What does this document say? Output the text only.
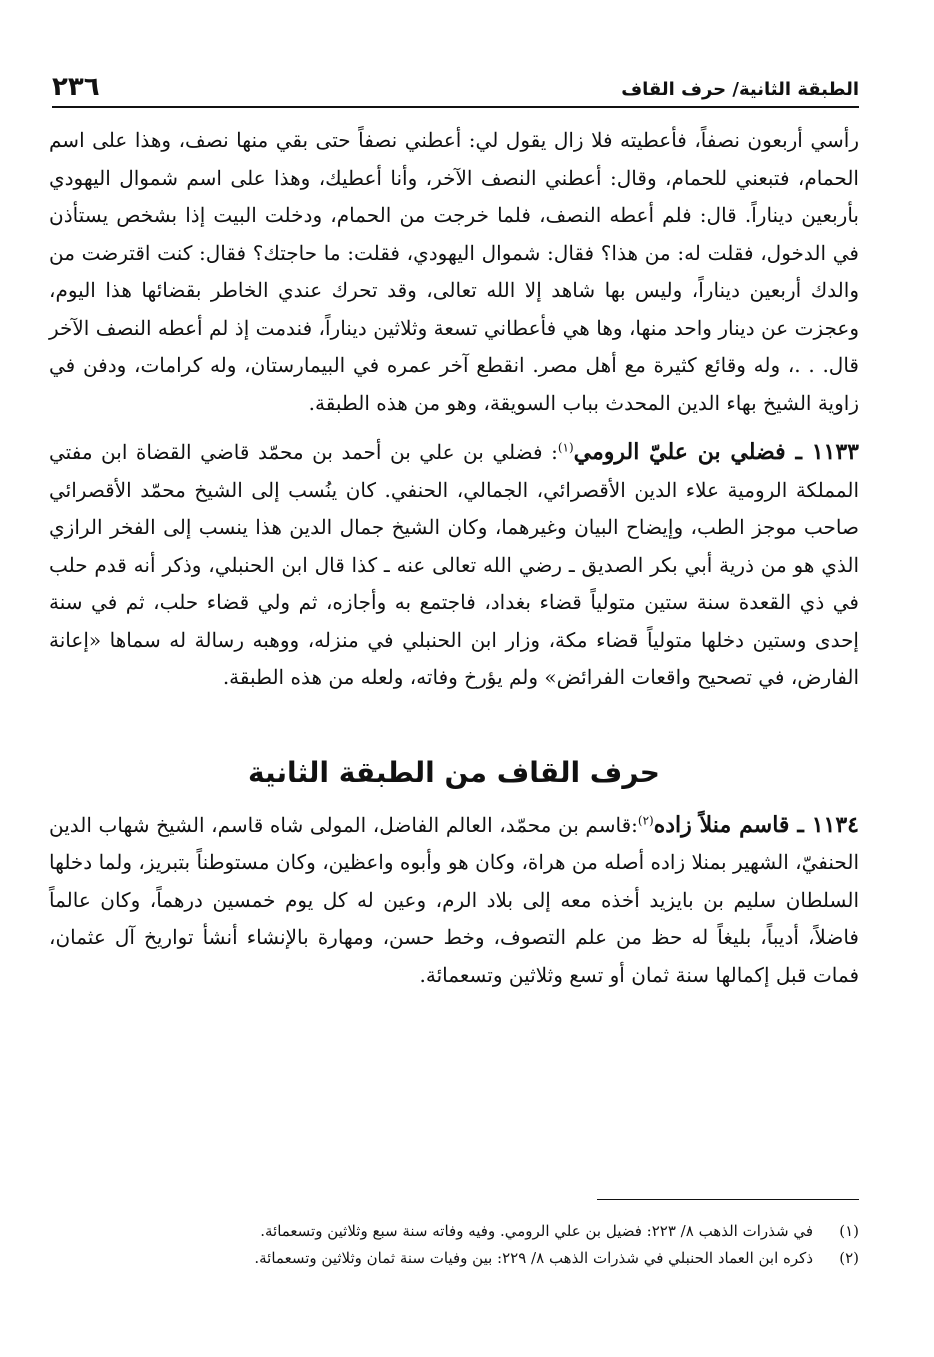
الطبقة الثانية/ حرف القاف
٢٣٦

رأسي أربعون نصفاً، فأعطيته فلا زال يقول لي: أعطني نصفاً حتى بقي منها نصف، وهذا على اسم الحمام، فتبعني للحمام، وقال: أعطني النصف الآخر، وأنا أعطيك، وهذا على اسم شموال اليهودي بأربعين ديناراً. قال: فلم أعطه النصف، فلما خرجت من الحمام، ودخلت البيت إذا بشخص يستأذن في الدخول، فقلت له: من هذا؟ فقال: شموال اليهودي، فقلت: ما حاجتك؟ فقال: كنت اقترضت من والدك أربعين ديناراً، وليس بها شاهد إلا الله تعالى، وقد تحرك عندي الخاطر بقضائها هذا اليوم، وعجزت عن دينار واحد منها، وها هي فأعطاني تسعة وثلاثين ديناراً، فندمت إذ لم أعطه النصف الآخر قال. . .، وله وقائع كثيرة مع أهل مصر. انقطع آخر عمره في البيمارستان، وله كرامات، ودفن في زاوية الشيخ بهاء الدين المحدث بباب السويقة، وهو من هذه الطبقة.

١١٣٣ ـ فضلي بن عليّ الرومي$^{(١)}$: فضلي بن علي بن أحمد بن محمّد قاضي القضاة ابن مفتي المملكة الرومية علاء الدين الأقصرائي، الجمالي، الحنفي. كان ينُسب إلى الشيخ محمّد الأقصرائي صاحب موجز الطب، وإيضاح البيان وغيرهما، وكان الشيخ جمال الدين هذا ينسب إلى الفخر الرازي الذي هو من ذرية أبي بكر الصديق ـ رضي الله تعالى عنه ـ كذا قال ابن الحنبلي، وذكر أنه قدم حلب في ذي القعدة سنة ستين متولياً قضاء بغداد، فاجتمع به وأجازه، ثم ولي قضاء حلب، ثم في سنة إحدى وستين دخلها متولياً قضاء مكة، وزار ابن الحنبلي في منزله، ووهبه رسالة له سماها «إعانة الفارض، في تصحيح واقعات الفرائض» ولم يؤرخ وفاته، ولعله من هذه الطبقة.

حرف القاف من الطبقة الثانية

١١٣٤ ـ قاسم منلاً زاده$^{(٢)}$:قاسم بن محمّد، العالم الفاضل، المولى شاه قاسم، الشيخ شهاب الدين الحنفيّ، الشهير بمنلا زاده أصله من هراة، وكان هو وأبوه واعظين، وكان مستوطناً بتبريز، ولما دخلها السلطان سليم بن بايزيد أخذه معه إلى بلاد الرم، وعين له كل يوم خمسين درهماً، وكان عالماً فاضلاً، أديباً، بليغاً له حظ من علم التصوف، وخط حسن، ومهارة بالإنشاء أنشأ تواريخ آل عثمان، فمات قبل إكمالها سنة ثمان أو تسع وثلاثين وتسعمائة.

(١)في شذرات الذهب ٨/ ٢٢٣: فضيل بن علي الرومي. وفيه وفاته سنة سبع وثلاثين وتسعمائة.

(٢)ذكره ابن العماد الحنبلي في شذرات الذهب ٨/ ٢٢٩: بين وفيات سنة ثمان وثلاثين وتسعمائة.
